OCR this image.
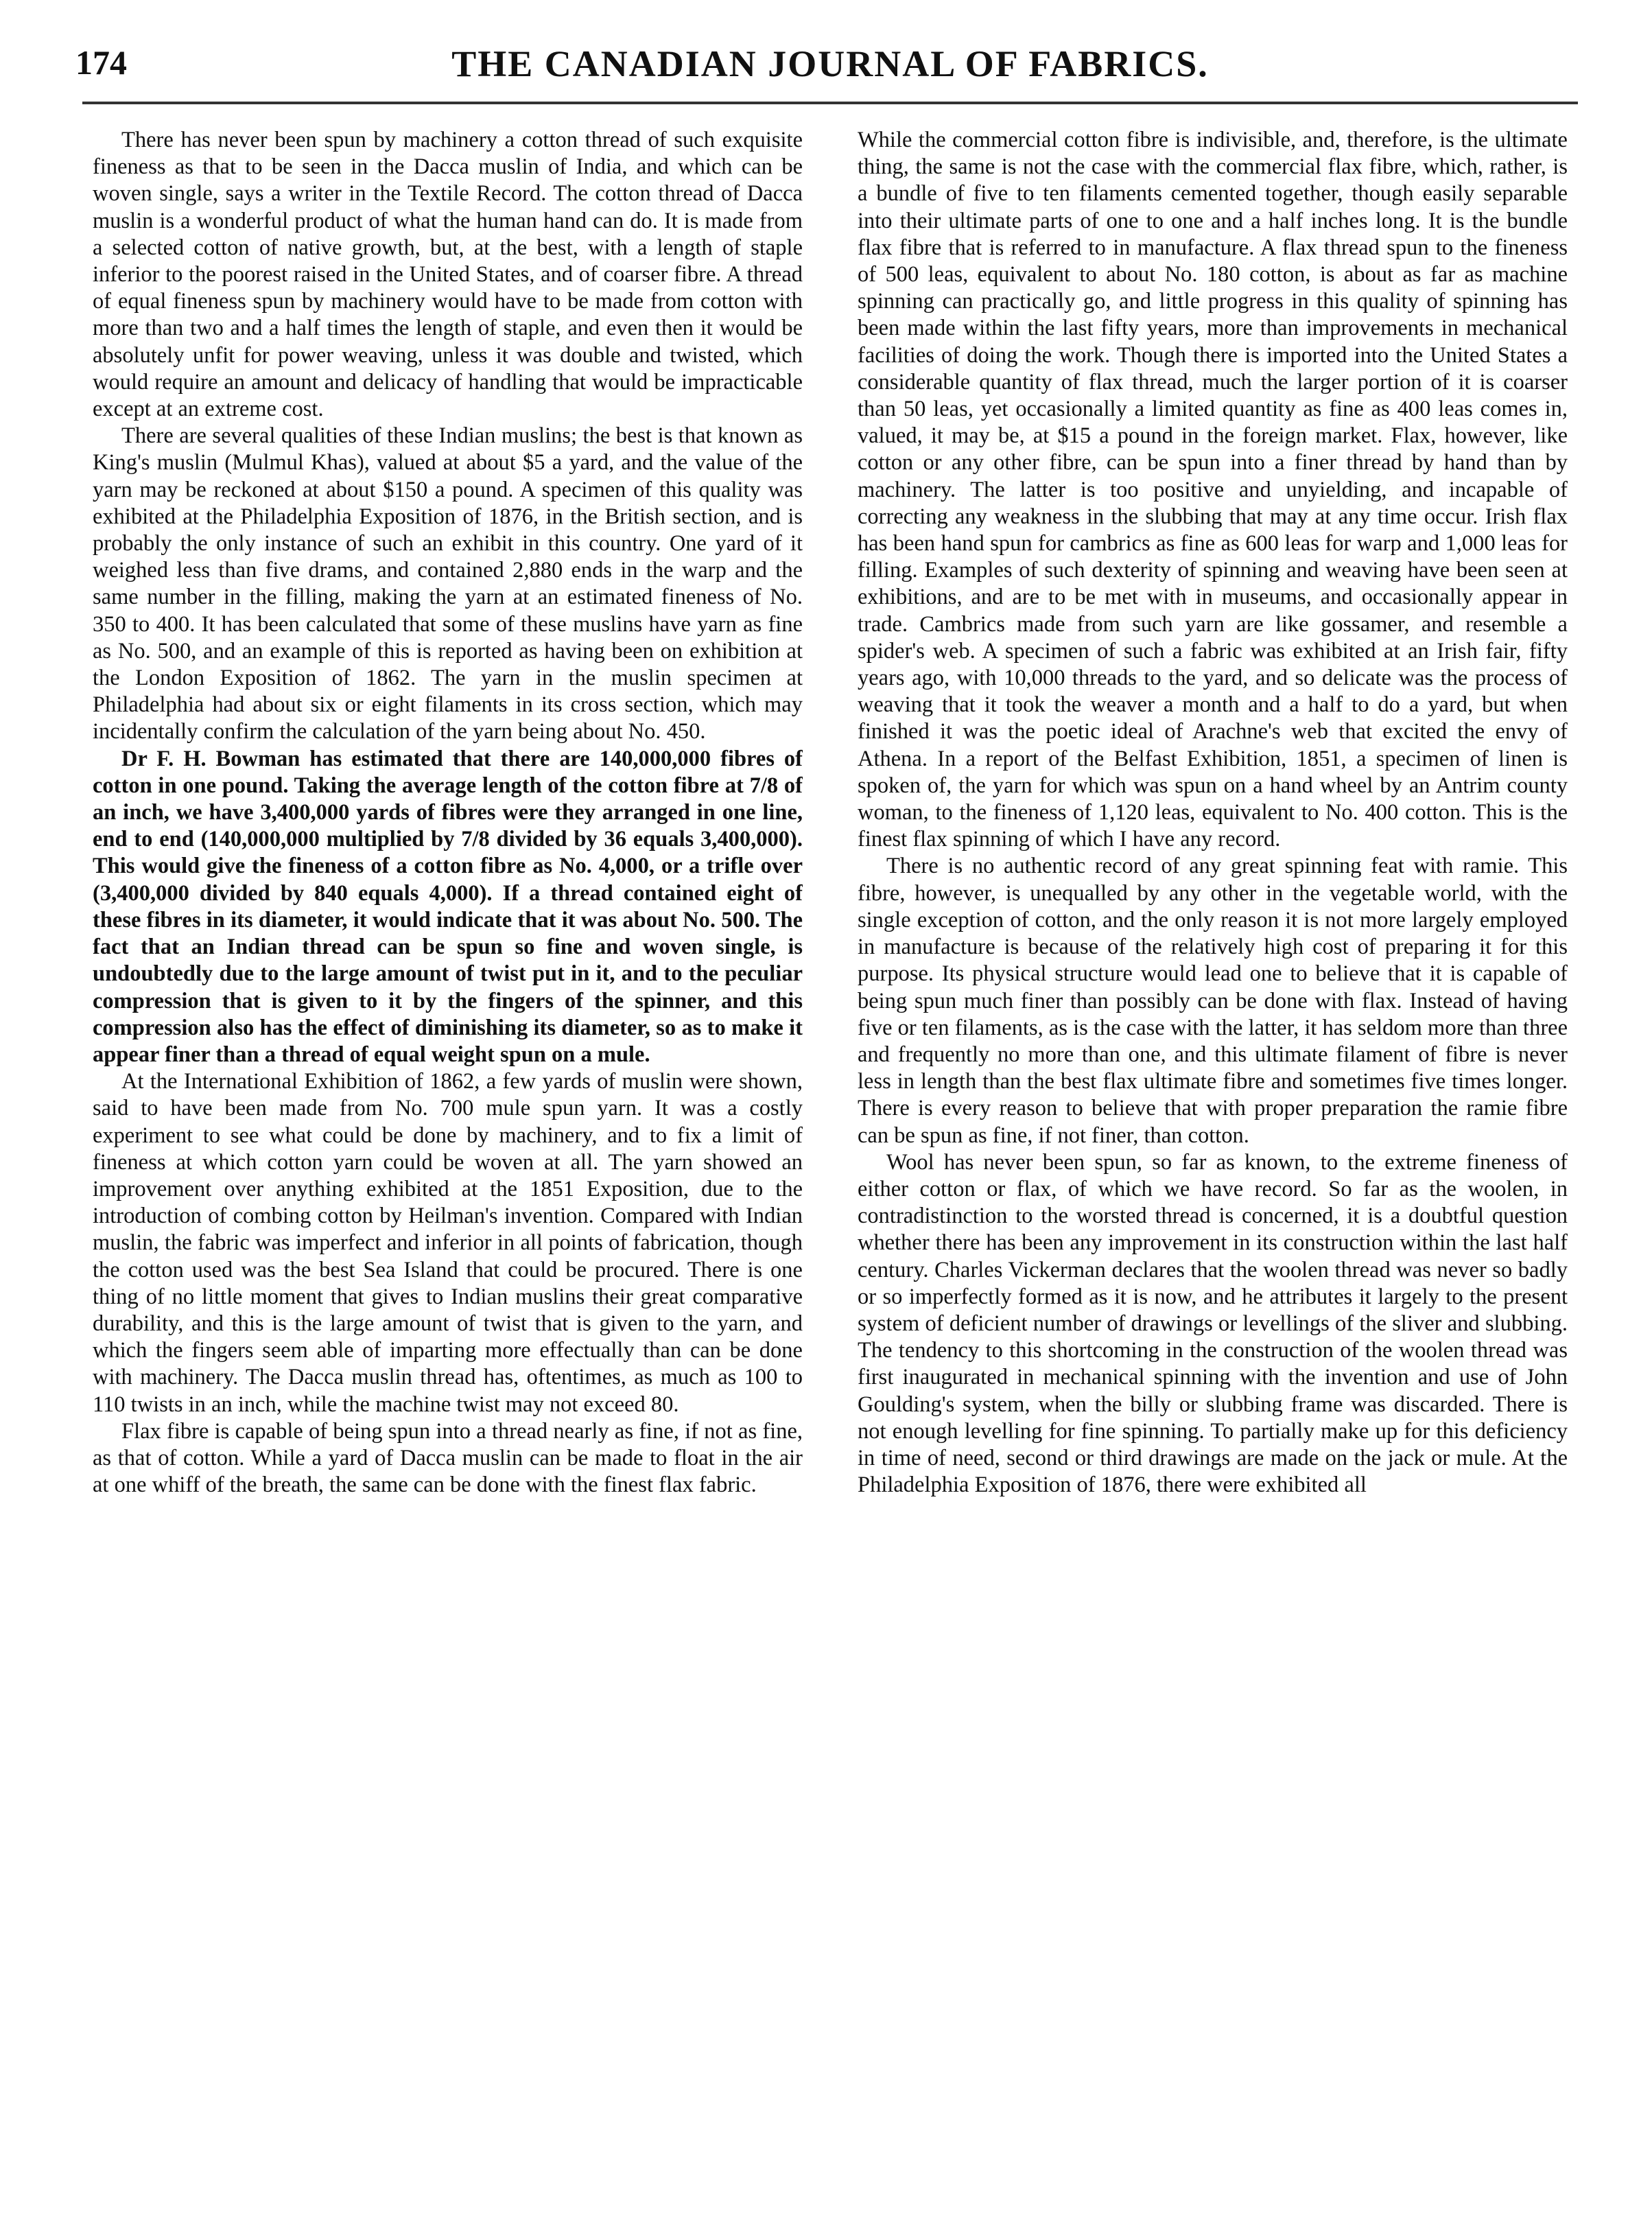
174	THE CANADIAN JOURNAL OF FABRICS.

There has never been spun by machinery a cotton thread of such exquisite fineness as that to be seen in the Dacca muslin of India, and which can be woven single, says a writer in the Textile Record. The cotton thread of Dacca muslin is a wonderful product of what the human hand can do. It is made from a selected cotton of native growth, but, at the best, with a length of staple inferior to the poorest raised in the United States, and of coarser fibre. A thread of equal fineness spun by machinery would have to be made from cotton with more than two and a half times the length of staple, and even then it would be absolutely unfit for power weaving, unless it was double and twisted, which would require an amount and delicacy of handling that would be impracticable except at an extreme cost.

There are several qualities of these Indian muslins; the best is that known as King's muslin (Mulmul Khas), valued at about $5 a yard, and the value of the yarn may be reckoned at about $150 a pound. A specimen of this quality was exhibited at the Philadelphia Exposition of 1876, in the British section, and is probably the only instance of such an exhibit in this country. One yard of it weighed less than five drams, and contained 2,880 ends in the warp and the same number in the filling, making the yarn at an estimated fineness of No. 350 to 400. It has been calculated that some of these muslins have yarn as fine as No. 500, and an example of this is reported as having been on exhibition at the London Exposition of 1862. The yarn in the muslin specimen at Philadelphia had about six or eight filaments in its cross section, which may incidentally confirm the calculation of the yarn being about No. 450.

Dr F. H. Bowman has estimated that there are 140,000,000 fibres of cotton in one pound. Taking the average length of the cotton fibre at 7/8 of an inch, we have 3,400,000 yards of fibres were they arranged in one line, end to end (140,000,000 multiplied by 7/8 divided by 36 equals 3,400,000). This would give the fineness of a cotton fibre as No. 4,000, or a trifle over (3,400,000 divided by 840 equals 4,000). If a thread contained eight of these fibres in its diameter, it would indicate that it was about No. 500. The fact that an Indian thread can be spun so fine and woven single, is undoubtedly due to the large amount of twist put in it, and to the peculiar compression that is given to it by the fingers of the spinner, and this compression also has the effect of diminishing its diameter, so as to make it appear finer than a thread of equal weight spun on a mule.

At the International Exhibition of 1862, a few yards of muslin were shown, said to have been made from No. 700 mule spun yarn. It was a costly experiment to see what could be done by machinery, and to fix a limit of fineness at which cotton yarn could be woven at all. The yarn showed an improvement over anything exhibited at the 1851 Exposition, due to the introduction of combing cotton by Heilman's invention. Compared with Indian muslin, the fabric was imperfect and inferior in all points of fabrication, though the cotton used was the best Sea Island that could be procured. There is one thing of no little moment that gives to Indian muslins their great comparative durability, and this is the large amount of twist that is given to the yarn, and which the fingers seem able of imparting more effectually than can be done with machinery. The Dacca muslin thread has, oftentimes, as much as 100 to 110 twists in an inch, while the machine twist may not exceed 80.

Flax fibre is capable of being spun into a thread nearly as fine, if not as fine, as that of cotton. While a yard of Dacca muslin can be made to float in the air at one whiff of the breath, the same can be done with the finest flax fabric.

While the commercial cotton fibre is indivisible, and, therefore, is the ultimate thing, the same is not the case with the commercial flax fibre, which, rather, is a bundle of five to ten filaments cemented together, though easily separable into their ultimate parts of one to one and a half inches long. It is the bundle flax fibre that is referred to in manufacture. A flax thread spun to the fineness of 500 leas, equivalent to about No. 180 cotton, is about as far as machine spinning can practically go, and little progress in this quality of spinning has been made within the last fifty years, more than improvements in mechanical facilities of doing the work. Though there is imported into the United States a considerable quantity of flax thread, much the larger portion of it is coarser than 50 leas, yet occasionally a limited quantity as fine as 400 leas comes in, valued, it may be, at $15 a pound in the foreign market. Flax, however, like cotton or any other fibre, can be spun into a finer thread by hand than by machinery. The latter is too positive and unyielding, and incapable of correcting any weakness in the slubbing that may at any time occur. Irish flax has been hand spun for cambrics as fine as 600 leas for warp and 1,000 leas for filling. Examples of such dexterity of spinning and weaving have been seen at exhibitions, and are to be met with in museums, and occasionally appear in trade. Cambrics made from such yarn are like gossamer, and resemble a spider's web. A specimen of such a fabric was exhibited at an Irish fair, fifty years ago, with 10,000 threads to the yard, and so delicate was the process of weaving that it took the weaver a month and a half to do a yard, but when finished it was the poetic ideal of Arachne's web that excited the envy of Athena. In a report of the Belfast Exhibition, 1851, a specimen of linen is spoken of, the yarn for which was spun on a hand wheel by an Antrim county woman, to the fineness of 1,120 leas, equivalent to No. 400 cotton. This is the finest flax spinning of which I have any record.

There is no authentic record of any great spinning feat with ramie. This fibre, however, is unequalled by any other in the vegetable world, with the single exception of cotton, and the only reason it is not more largely employed in manufacture is because of the relatively high cost of preparing it for this purpose. Its physical structure would lead one to believe that it is capable of being spun much finer than possibly can be done with flax. Instead of having five or ten filaments, as is the case with the latter, it has seldom more than three and frequently no more than one, and this ultimate filament of fibre is never less in length than the best flax ultimate fibre and sometimes five times longer. There is every reason to believe that with proper preparation the ramie fibre can be spun as fine, if not finer, than cotton.

Wool has never been spun, so far as known, to the extreme fineness of either cotton or flax, of which we have record. So far as the woolen, in contradistinction to the worsted thread is concerned, it is a doubtful question whether there has been any improvement in its construction within the last half century. Charles Vickerman declares that the woolen thread was never so badly or so imperfectly formed as it is now, and he attributes it largely to the present system of deficient number of drawings or levellings of the sliver and slubbing. The tendency to this shortcoming in the construction of the woolen thread was first inaugurated in mechanical spinning with the invention and use of John Goulding's system, when the billy or slubbing frame was discarded. There is not enough levelling for fine spinning. To partially make up for this deficiency in time of need, second or third drawings are made on the jack or mule. At the Philadelphia Exposition of 1876, there were exhibited all
